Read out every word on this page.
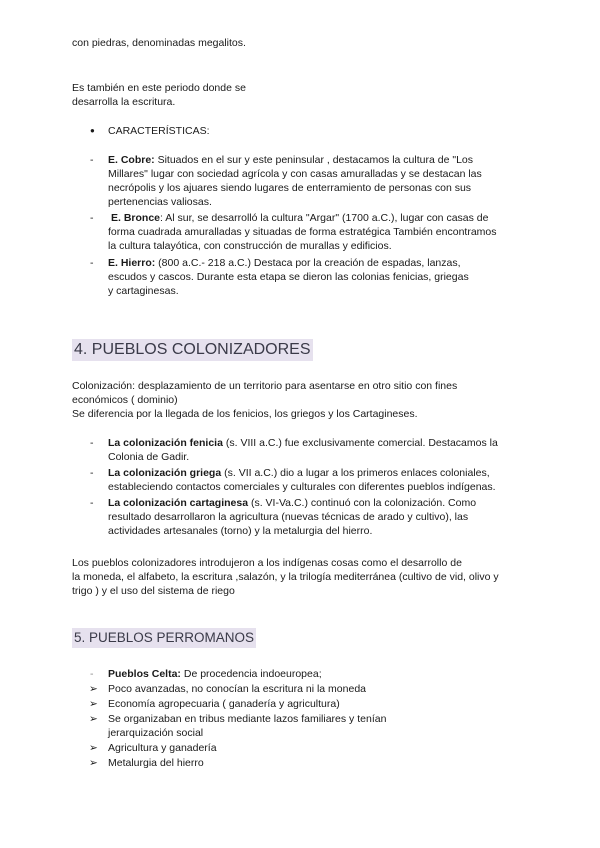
con piedras, denominadas megalitos.
Es también en este periodo donde se
desarrolla la escritura.
● CARACTERÍSTICAS:
- E. Cobre: Situados en el sur y este peninsular , destacamos la cultura de "Los
Millares" lugar con sociedad agrícola y con casas amuralladas y se destacan las
necrópolis y los ajuares siendo lugares de enterramiento de personas con sus
pertenencias valiosas.
- E. Bronce: Al sur, se desarrolló la cultura "Argar" (1700 a.C.), lugar con casas de
forma cuadrada amuralladas y situadas de forma estratégica También encontramos
la cultura talayótica, con construcción de murallas y edificios.
- E. Hierro: (800 a.C.- 218 a.C.) Destaca por la creación de espadas, lanzas,
escudos y cascos. Durante esta etapa se dieron las colonias fenicias, griegas
y cartaginesas.
4. PUEBLOS COLONIZADORES
Colonización: desplazamiento de un territorio para asentarse en otro sitio con fines
económicos ( dominio)
Se diferencia por la llegada de los fenicios, los griegos y los Cartagineses.
- La colonización fenicia (s. VIII a.C.) fue exclusivamente comercial. Destacamos la
Colonia de Gadir.
- La colonización griega (s. VII a.C.) dio a lugar a los primeros enlaces coloniales,
estableciendo contactos comerciales y culturales con diferentes pueblos indígenas.
- La colonización cartaginesa (s. VI-Va.C.) continuó con la colonización. Como
resultado desarrollaron la agricultura (nuevas técnicas de arado y cultivo), las
actividades artesanales (torno) y la metalurgia del hierro.
Los pueblos colonizadores introdujeron a los indígenas cosas como el desarrollo de
la moneda, el alfabeto, la escritura ,salazón, y la trilogía mediterránea (cultivo de vid, olivo y
trigo ) y el uso del sistema de riego
5. PUEBLOS PERROMANOS
- Pueblos Celta: De procedencia indoeuropea;
➢ Poco avanzadas, no conocían la escritura ni la moneda
➢ Economía agropecuaria ( ganadería y agricultura)
➢ Se organizaban en tribus mediante lazos familiares y tenían
jerarquización social
➢ Agricultura y ganadería
➢ Metalurgia del hierro
